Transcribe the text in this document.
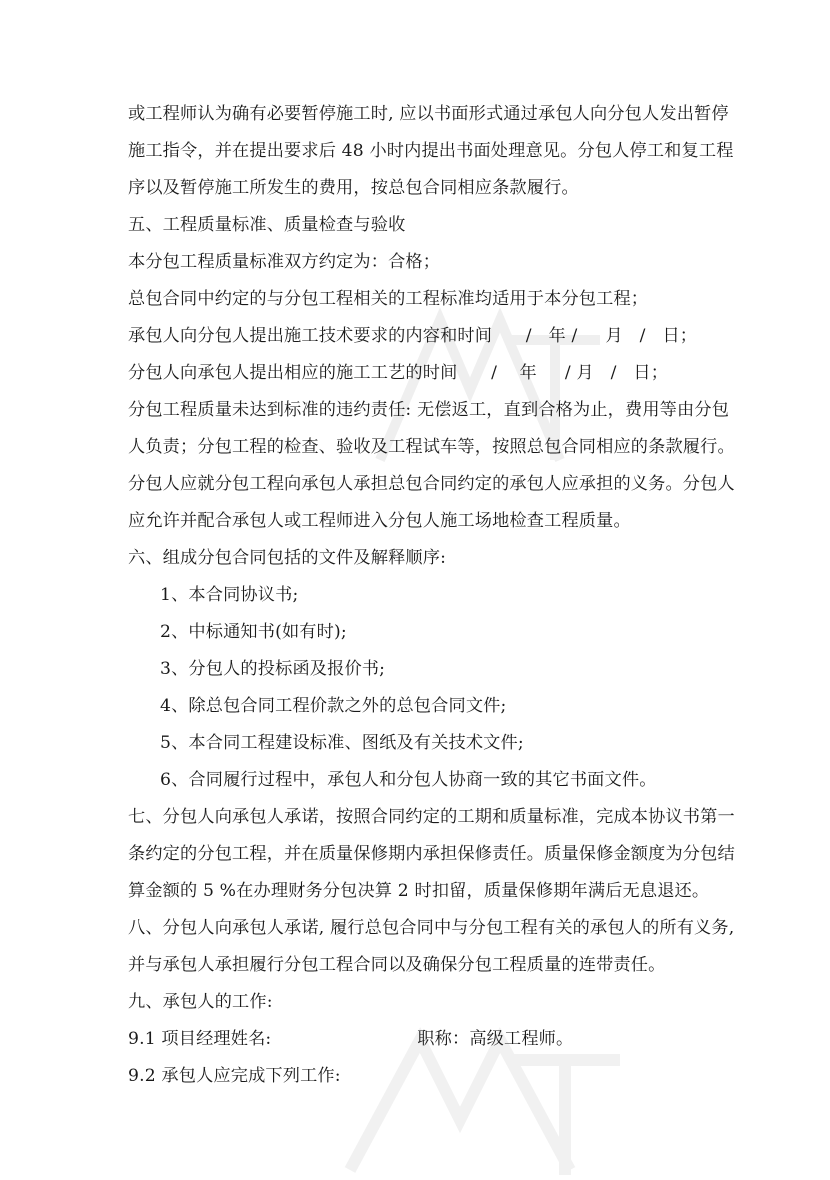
或工程师认为确有必要暂停施工时, 应以书面形式通过承包人向分包人发出暂停
施工指令，并在提出要求后 48 小时内提出书面处理意见。分包人停工和复工程
序以及暂停施工所发生的费用，按总包合同相应条款履行。
五、工程质量标准、质量检查与验收
本分包工程质量标准双方约定为：合格；
总包合同中约定的与分包工程相关的工程标准均适用于本分包工程；
承包人向分包人提出施工技术要求的内容和时间      /   年 /     月   /   日；
分包人向承包人提出相应的施工工艺的时间      /    年     / 月   /   日；
分包工程质量未达到标准的违约责任: 无偿返工，直到合格为止，费用等由分包
人负责；分包工程的检查、验收及工程试车等，按照总包合同相应的条款履行。
分包人应就分包工程向承包人承担总包合同约定的承包人应承担的义务。分包人
应允许并配合承包人或工程师进入分包人施工场地检查工程质量。
六、组成分包合同包括的文件及解释顺序:
1、本合同协议书;
2、中标通知书(如有时);
3、分包人的投标函及报价书;
4、除总包合同工程价款之外的总包合同文件;
5、本合同工程建设标准、图纸及有关技术文件;
6、合同履行过程中，承包人和分包人协商一致的其它书面文件。
七、分包人向承包人承诺，按照合同约定的工期和质量标准，完成本协议书第一
条约定的分包工程，并在质量保修期内承担保修责任。质量保修金额度为分包结
算金额的 5 %在办理财务分包决算 2 时扣留，质量保修期年满后无息退还。
八、分包人向承包人承诺, 履行总包合同中与分包工程有关的承包人的所有义务,
并与承包人承担履行分包工程合同以及确保分包工程质量的连带责任。
九、承包人的工作:
9.1 项目经理姓名:                          职称：高级工程师。
9.2 承包人应完成下列工作:
